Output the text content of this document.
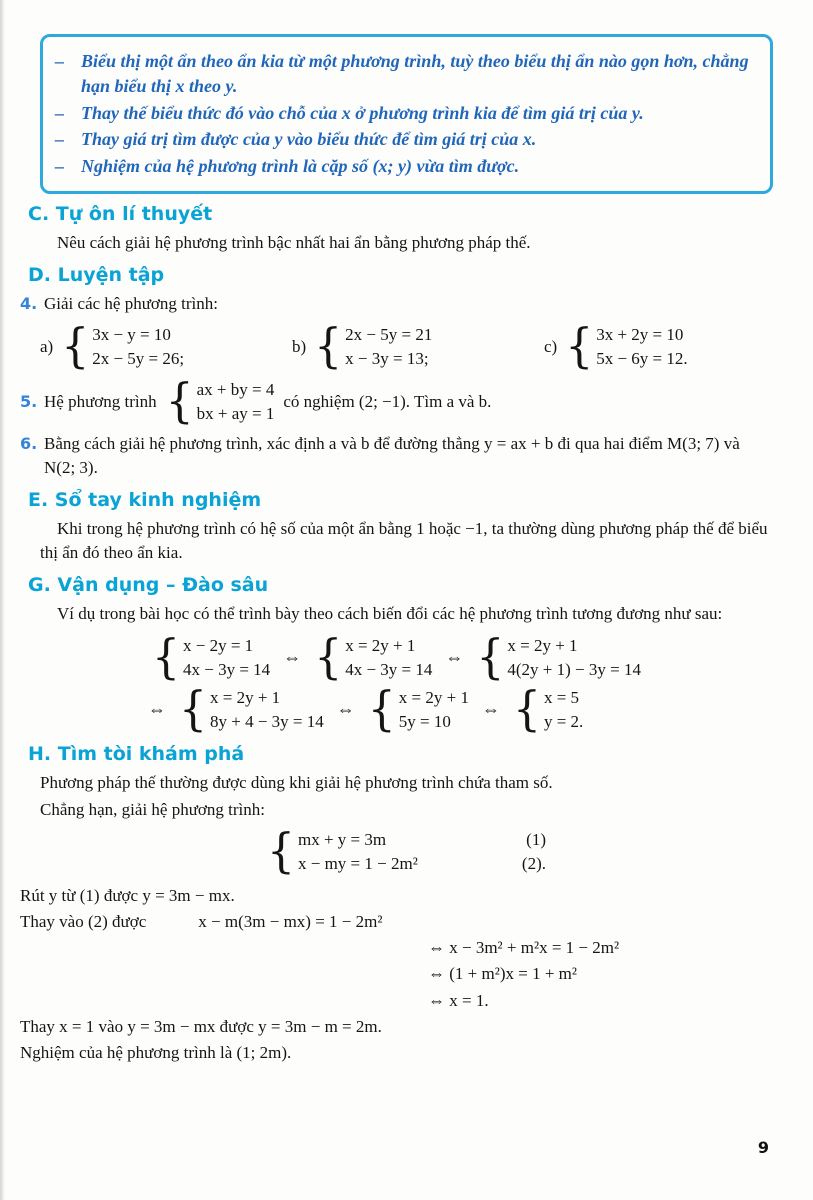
– Biểu thị một ẩn theo ẩn kia từ một phương trình, tuỳ theo biểu thị ẩn nào gọn hơn, chẳng hạn biểu thị x theo y.
– Thay thế biểu thức đó vào chỗ của x ở phương trình kia để tìm giá trị của y.
– Thay giá trị tìm được của y vào biểu thức để tìm giá trị của x.
– Nghiệm của hệ phương trình là cặp số (x; y) vừa tìm được.
C. Tự ôn lí thuyết

Nêu cách giải hệ phương trình bậc nhất hai ẩn bằng phương pháp thế.

D. Luyện tập
4. Giải các hệ phương trình:
a) { 3x − y = 10
2x − 5y = 26;
b) { 2x − 5y = 21
x − 3y = 13;
c) { 3x + 2y = 10
5x − 6y = 12.
5. Hệ phương trình { ax + by = 4
bx + ay = 1
có nghiệm (2; −1). Tìm a và b.
6. Bằng cách giải hệ phương trình, xác định a và b để đường thẳng y = ax + b đi qua hai điểm M(3; 7) và N(2; 3).
E. Sổ tay kinh nghiệm

Khi trong hệ phương trình có hệ số của một ẩn bằng 1 hoặc −1, ta thường dùng phương pháp thế để biểu thị ẩn đó theo ẩn kia.

G. Vận dụng – Đào sâu

Ví dụ trong bài học có thể trình bày theo cách biến đổi các hệ phương trình tương đương như sau:

{ x − 2y = 1
4x − 3y = 14
⇔ { x = 2y + 1
4x − 3y = 14
⇔ { x = 2y + 1
4(2y + 1) − 3y = 14
⇔ { x = 2y + 1
8y + 4 − 3y = 14
⇔ { x = 2y + 1
5y = 10
⇔ { x = 5
y = 2.
H. Tìm tòi khám phá

Phương pháp thế thường được dùng khi giải hệ phương trình chứa tham số.

Chẳng hạn, giải hệ phương trình:

{ mx + y = 3m	(1)
x − my = 1 − 2m²	(2).

Rút y từ (1) được y = 3m − mx.

Thay vào (2) được	x − m(3m − mx) = 1 − 2m²

⇔ x − 3m² + m²x = 1 − 2m²

⇔ (1 + m²)x = 1 + m²

⇔ x = 1.

Thay x = 1 vào y = 3m − mx được y = 3m − m = 2m.

Nghiệm của hệ phương trình là (1; 2m).

9
